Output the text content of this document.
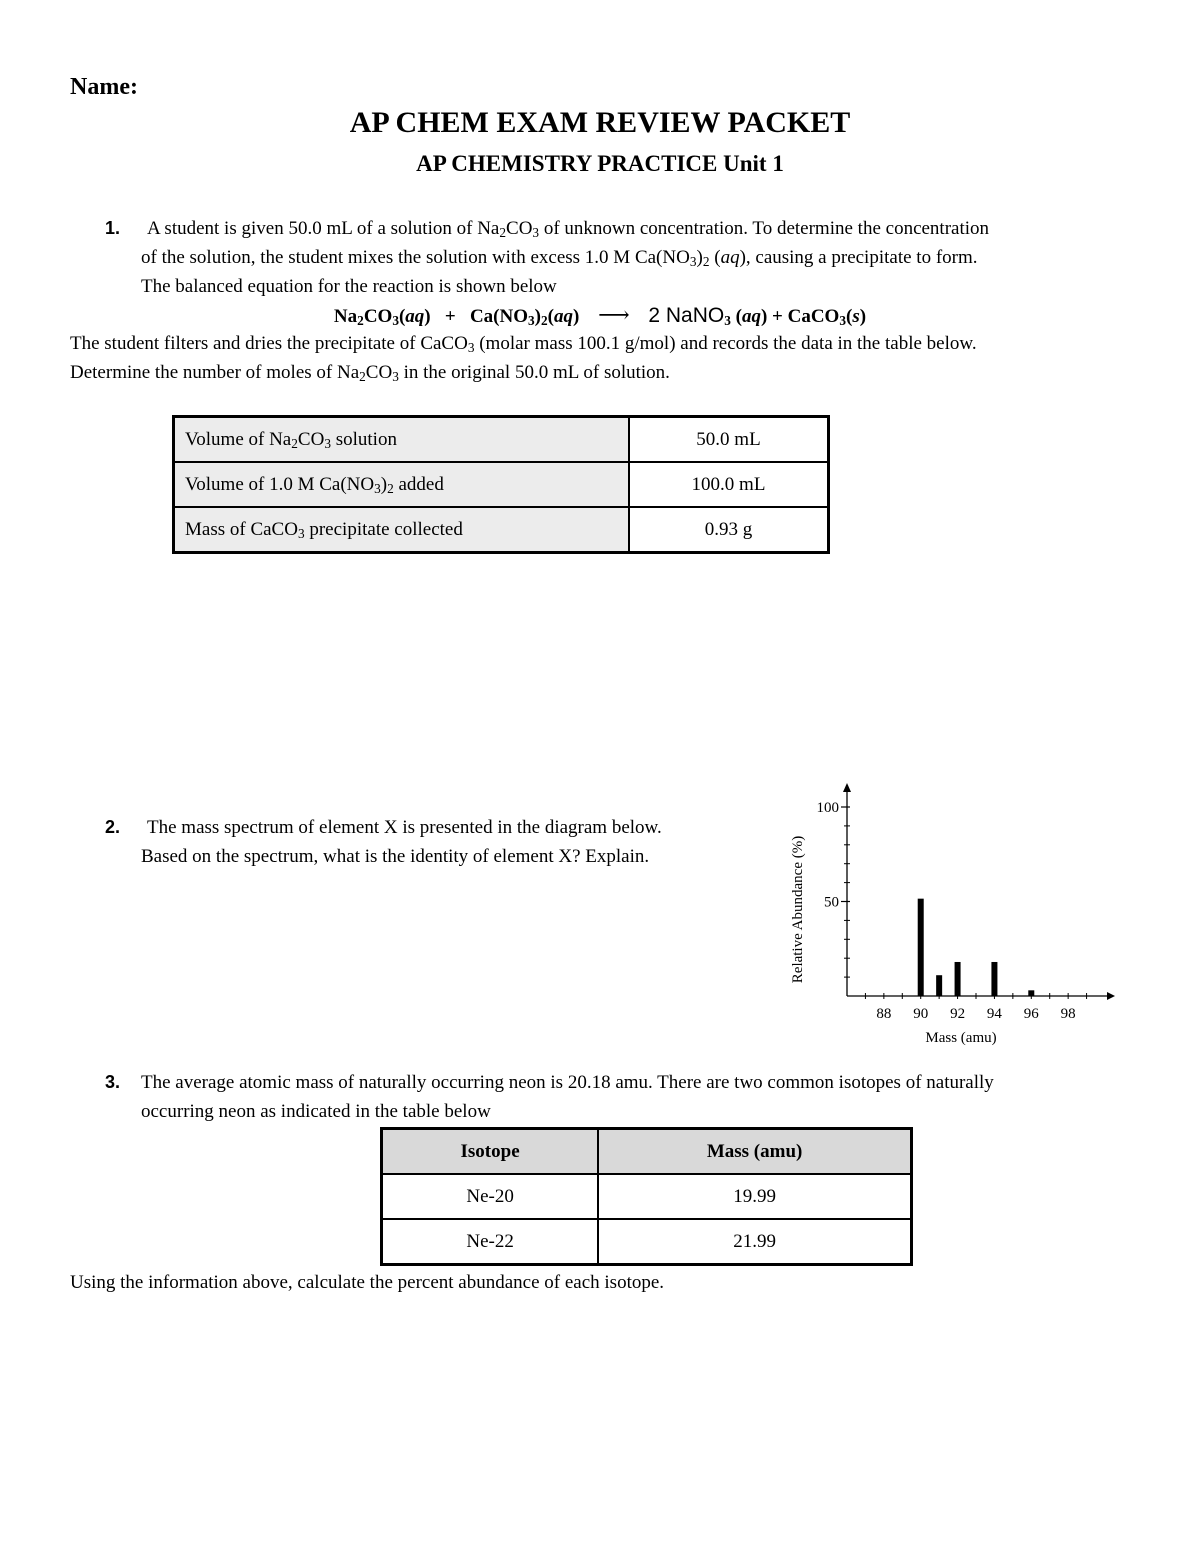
Name:
AP CHEM EXAM REVIEW PACKET
AP CHEMISTRY PRACTICE Unit 1
1. A student is given 50.0 mL of a solution of $Na_2CO_3$ of unknown concentration. To determine the concentration
of the solution, the student mixes the solution with excess 1.0 M $Ca(NO_3)_2$ (aq), causing a precipitate to form.
The balanced equation for the reaction is shown below
$Na_2CO_3(aq) + Ca(NO_3)_2(aq)$ ⟶ 2 NaNO$_3$ (aq) + CaCO$_3$(s)
The student filters and dries the precipitate of CaCO$_3$ (molar mass 100.1 g/mol) and records the data in the table below.
Determine the number of moles of $Na_2CO_3$ in the original 50.0 mL of solution.
Volume of $Na_2CO_3$ solution	50.0 mL
Volume of 1.0 M $Ca(NO_3)_2$ added	100.0 mL
Mass of CaCO$_3$ precipitate collected	0.93 g
2. The mass spectrum of element X is presented in the diagram below.
Based on the spectrum, what is the identity of element X? Explain.
50
100
88 90 92 94 96 98
Mass (amu)
Relative Abundance (%)
3. The average atomic mass of naturally occurring neon is 20.18 amu. There are two common isotopes of naturally
occurring neon as indicated in the table below
Isotope	Mass (amu)
Ne-20	19.99
Ne-22	21.99
Using the information above, calculate the percent abundance of each isotope.
